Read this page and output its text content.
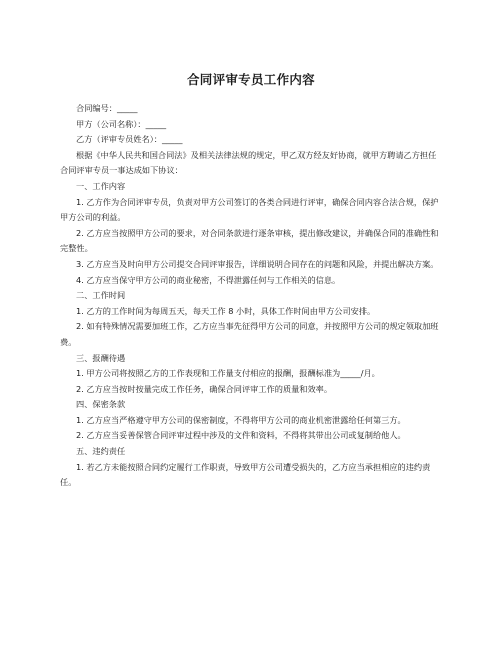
合同评审专员工作内容

合同编号：_____

甲方（公司名称）：_____

乙方（评审专员姓名）：_____

根据《中华人民共和国合同法》及相关法律法规的规定，甲乙双方经友好协商，就甲方聘请乙方担任合同评审专员一事达成如下协议：

一、工作内容

1. 乙方作为合同评审专员，负责对甲方公司签订的各类合同进行评审，确保合同内容合法合规，保护甲方公司的利益。

2. 乙方应当按照甲方公司的要求，对合同条款进行逐条审核，提出修改建议，并确保合同的准确性和完整性。

3. 乙方应当及时向甲方公司提交合同评审报告，详细说明合同存在的问题和风险，并提出解决方案。

4. 乙方应当保守甲方公司的商业秘密，不得泄露任何与工作相关的信息。

二、工作时间

1. 乙方的工作时间为每周五天，每天工作 8 小时，具体工作时间由甲方公司安排。

2. 如有特殊情况需要加班工作，乙方应当事先征得甲方公司的同意，并按照甲方公司的规定领取加班费。

三、报酬待遇

1. 甲方公司将按照乙方的工作表现和工作量支付相应的报酬，报酬标准为_____/月。

2. 乙方应当按时按量完成工作任务，确保合同评审工作的质量和效率。

四、保密条款

1. 乙方应当严格遵守甲方公司的保密制度，不得将甲方公司的商业机密泄露给任何第三方。

2. 乙方应当妥善保管合同评审过程中涉及的文件和资料，不得将其带出公司或复制给他人。

五、违约责任

1. 若乙方未能按照合同约定履行工作职责，导致甲方公司遭受损失的，乙方应当承担相应的违约责任。
